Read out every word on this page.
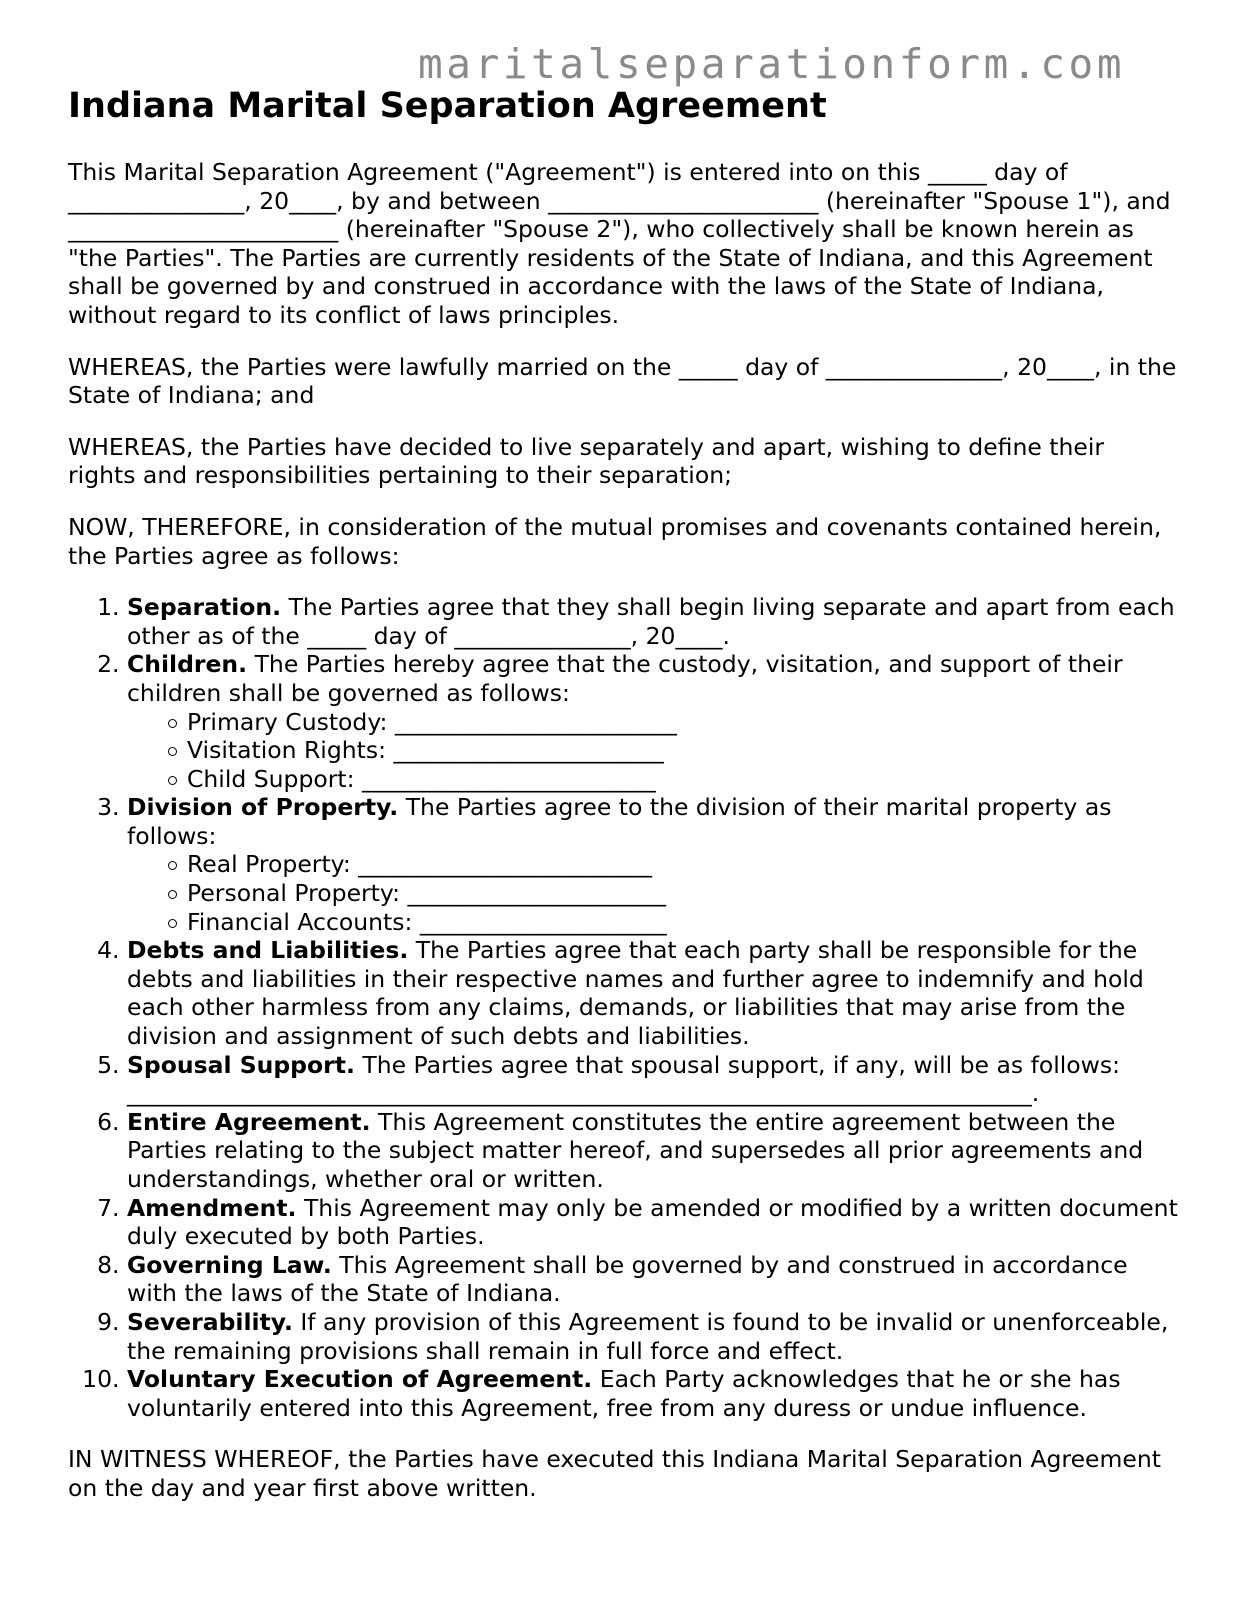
maritalseparationform.com
Indiana Marital Separation Agreement

This Marital Separation Agreement ("Agreement") is entered into on this _____ day of _______________, 20____, by and between _______________________ (hereinafter "Spouse 1"), and _______________________ (hereinafter "Spouse 2"), who collectively shall be known herein as "the Parties". The Parties are currently residents of the State of Indiana, and this Agreement shall be governed by and construed in accordance with the laws of the State of Indiana, without regard to its conflict of laws principles.

WHEREAS, the Parties were lawfully married on the _____ day of _______________, 20____, in the State of Indiana; and

WHEREAS, the Parties have decided to live separately and apart, wishing to define their rights and responsibilities pertaining to their separation;

NOW, THEREFORE, in consideration of the mutual promises and covenants contained herein, the Parties agree as follows:

1. Separation. The Parties agree that they shall begin living separate and apart from each other as of the _____ day of _______________, 20____.
2. Children. The Parties hereby agree that the custody, visitation, and support of their children shall be governed as follows:
Primary Custody: ________________________
Visitation Rights: _______________________
Child Support: _________________________
3. Division of Property. The Parties agree to the division of their marital property as follows:
Real Property: _________________________
Personal Property: ______________________
Financial Accounts: _____________________
4. Debts and Liabilities. The Parties agree that each party shall be responsible for the debts and liabilities in their respective names and further agree to indemnify and hold each other harmless from any claims, demands, or liabilities that may arise from the division and assignment of such debts and liabilities.
5. Spousal Support. The Parties agree that spousal support, if any, will be as follows: _____________________________________________________________________________.
6. Entire Agreement. This Agreement constitutes the entire agreement between the Parties relating to the subject matter hereof, and supersedes all prior agreements and understandings, whether oral or written.
7. Amendment. This Agreement may only be amended or modified by a written document duly executed by both Parties.
8. Governing Law. This Agreement shall be governed by and construed in accordance with the laws of the State of Indiana.
9. Severability. If any provision of this Agreement is found to be invalid or unenforceable, the remaining provisions shall remain in full force and effect.
10. Voluntary Execution of Agreement. Each Party acknowledges that he or she has voluntarily entered into this Agreement, free from any duress or undue influence.

IN WITNESS WHEREOF, the Parties have executed this Indiana Marital Separation Agreement on the day and year first above written.
